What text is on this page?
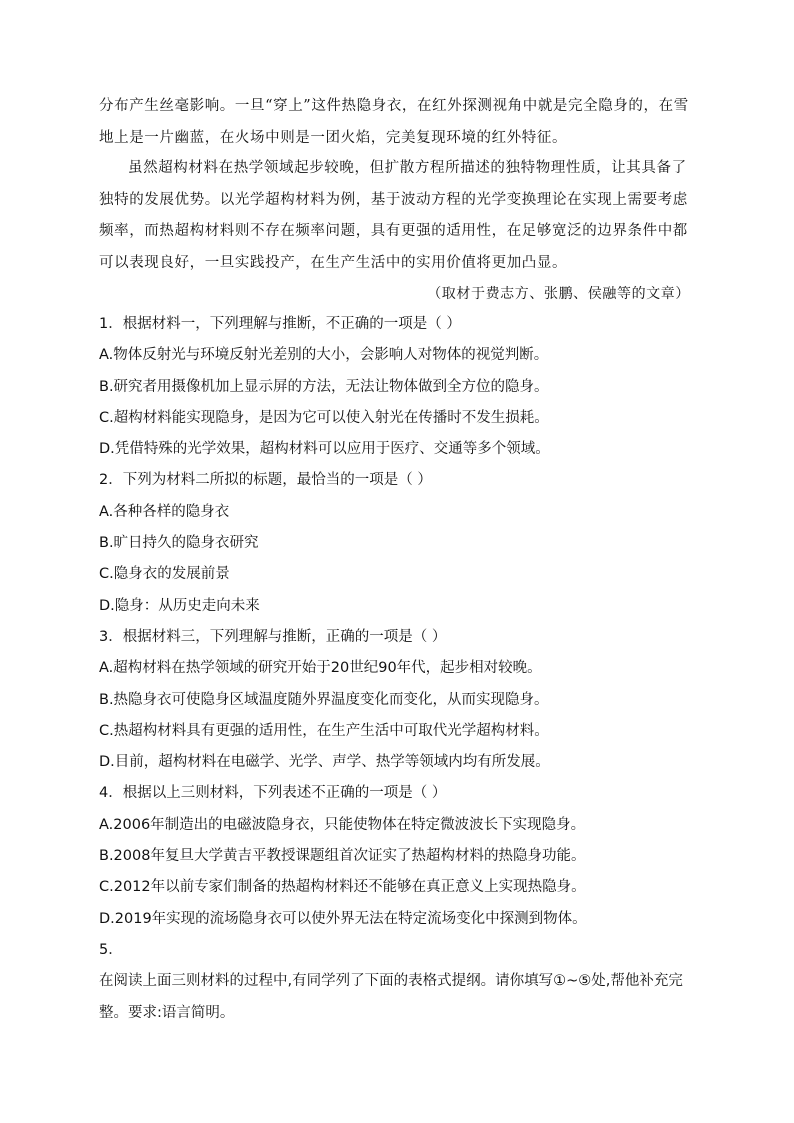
分布产生丝毫影响。一旦“穿上”这件热隐身衣，在红外探测视角中就是完全隐身的，在雪地上是一片幽蓝，在火场中则是一团火焰，完美复现环境的红外特征。
虽然超构材料在热学领域起步较晚，但扩散方程所描述的独特物理性质，让其具备了独特的发展优势。以光学超构材料为例，基于波动方程的光学变换理论在实现上需要考虑频率，而热超构材料则不存在频率问题，具有更强的适用性，在足够宽泛的边界条件中都可以表现良好，一旦实践投产，在生产生活中的实用价值将更加凸显。
（取材于费志方、张鹏、侯融等的文章）
1．根据材料一，下列理解与推断，不正确的一项是（ ）
A.物体反射光与环境反射光差别的大小，会影响人对物体的视觉判断。
B.研究者用摄像机加上显示屏的方法，无法让物体做到全方位的隐身。
C.超构材料能实现隐身，是因为它可以使入射光在传播时不发生损耗。
D.凭借特殊的光学效果，超构材料可以应用于医疗、交通等多个领域。
2．下列为材料二所拟的标题，最恰当的一项是（ ）
A.各种各样的隐身衣
B.旷日持久的隐身衣研究
C.隐身衣的发展前景
D.隐身：从历史走向未来
3．根据材料三，下列理解与推断，正确的一项是（ ）
A.超构材料在热学领域的研究开始于20世纪90年代，起步相对较晚。
B.热隐身衣可使隐身区域温度随外界温度变化而变化，从而实现隐身。
C.热超构材料具有更强的适用性，在生产生活中可取代光学超构材料。
D.目前，超构材料在电磁学、光学、声学、热学等领域内均有所发展。
4．根据以上三则材料，下列表述不正确的一项是（ ）
A.2006年制造出的电磁波隐身衣，只能使物体在特定微波波长下实现隐身。
B.2008年复旦大学黄吉平教授课题组首次证实了热超构材料的热隐身功能。
C.2012年以前专家们制备的热超构材料还不能够在真正意义上实现热隐身。
D.2019年实现的流场隐身衣可以使外界无法在特定流场变化中探测到物体。
5．
在阅读上面三则材料的过程中,有同学列了下面的表格式提纲。请你填写①~⑤处,帮他补充完整。要求:语言简明。
